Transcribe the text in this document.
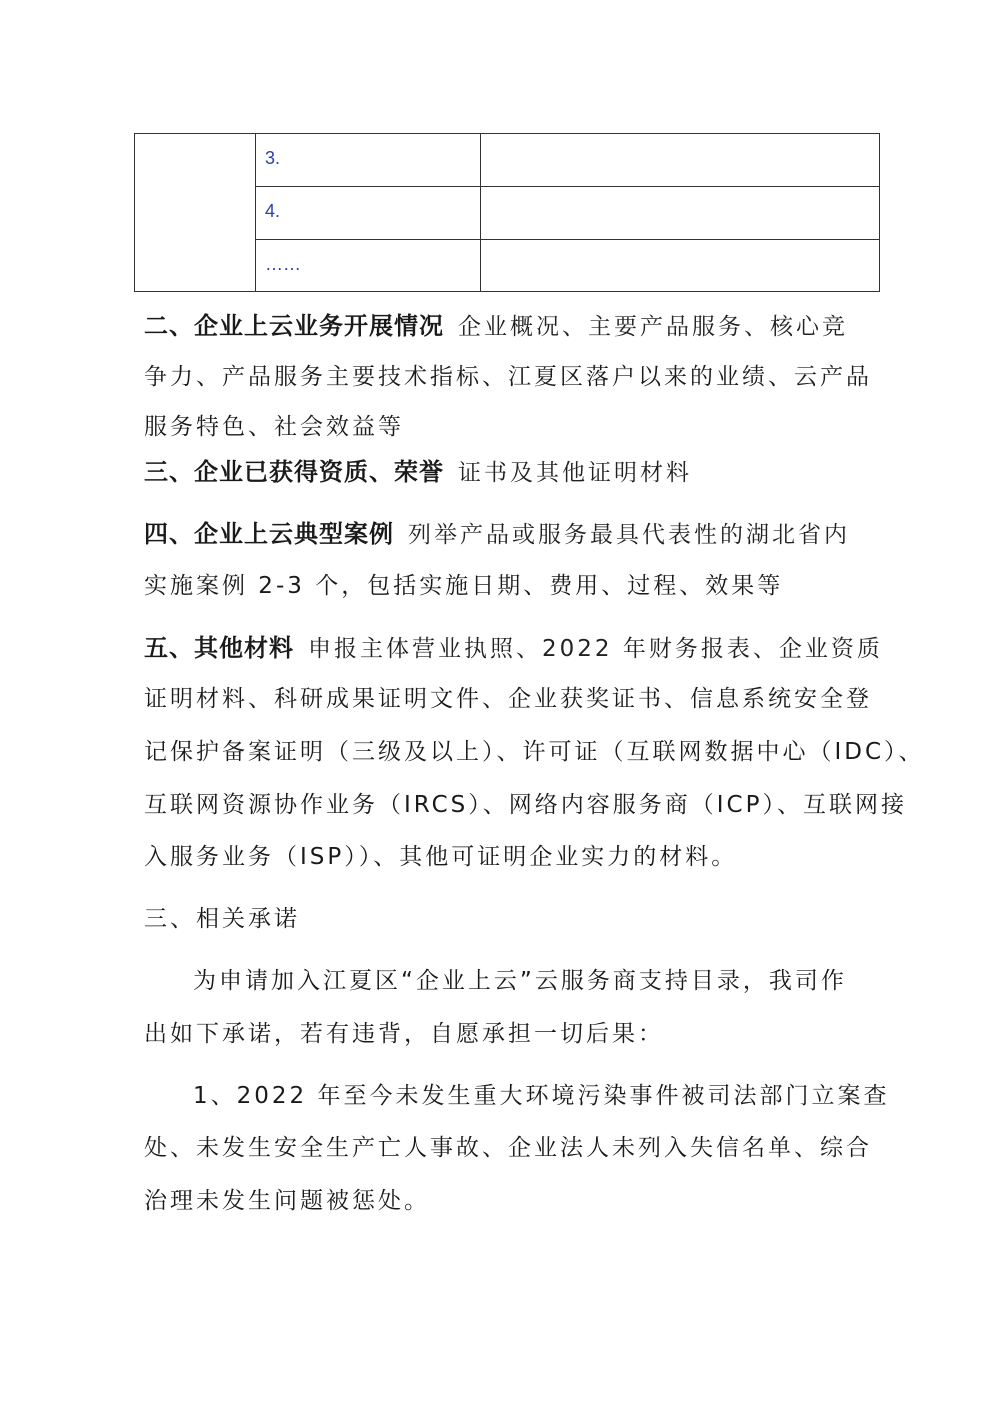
3.
4.
……
二、企业上云业务开展情况 企业概况、主要产品服务、核心竞
争力、产品服务主要技术指标、江夏区落户以来的业绩、云产品
服务特色、社会效益等
三、企业已获得资质、荣誉 证书及其他证明材料
四、企业上云典型案例 列举产品或服务最具代表性的湖北省内
实施案例 2-3 个，包括实施日期、费用、过程、效果等
五、其他材料 申报主体营业执照、2022 年财务报表、企业资质
证明材料、科研成果证明文件、企业获奖证书、信息系统安全登
记保护备案证明（三级及以上）、许可证（互联网数据中心（IDC）、
互联网资源协作业务（IRCS）、网络内容服务商（ICP）、互联网接
入服务业务（ISP））、其他可证明企业实力的材料。
三、相关承诺
为申请加入江夏区“企业上云”云服务商支持目录，我司作
出如下承诺，若有违背，自愿承担一切后果：
1、2022 年至今未发生重大环境污染事件被司法部门立案查
处、未发生安全生产亡人事故、企业法人未列入失信名单、综合
治理未发生问题被惩处。
